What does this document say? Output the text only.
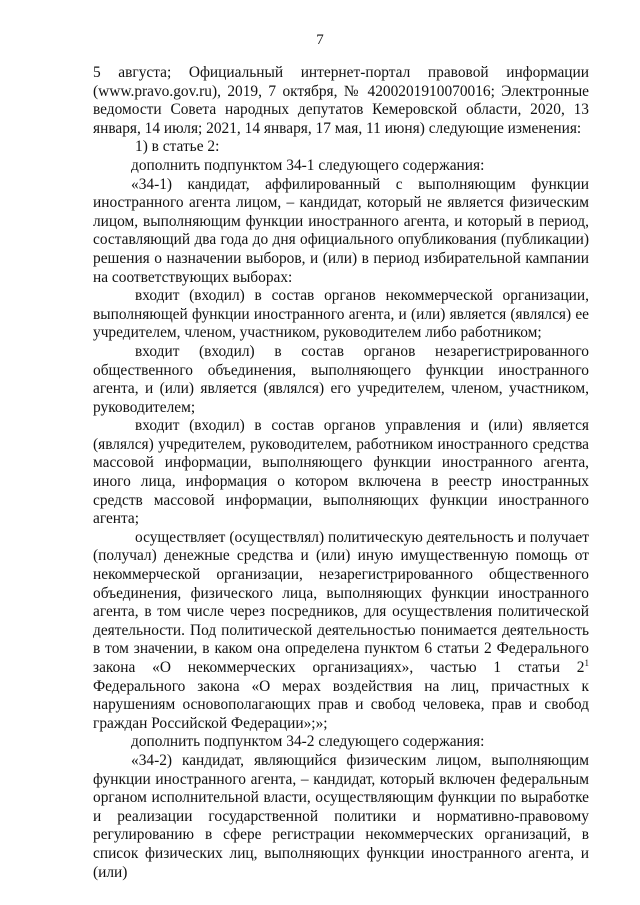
7

5 августа; Официальный интернет-портал правовой информации (www.pravo.gov.ru), 2019, 7 октября, № 4200201910070016; Электронные ведомости Совета народных депутатов Кемеровской области, 2020, 13 января, 14 июля; 2021, 14 января, 17 мая, 11 июня) следующие изменения:

1) в статье 2:

дополнить подпунктом 34-1 следующего содержания:

«34-1) кандидат, аффилированный с выполняющим функции иностранного агента лицом, – кандидат, который не является физическим лицом, выполняющим функции иностранного агента, и который в период, составляющий два года до дня официального опубликования (публикации) решения о назначении выборов, и (или) в период избирательной кампании на соответствующих выборах:

входит (входил) в состав органов некоммерческой организации, выполняющей функции иностранного агента, и (или) является (являлся) ее учредителем, членом, участником, руководителем либо работником;

входит (входил) в состав органов незарегистрированного общественного объединения, выполняющего функции иностранного агента, и (или) является (являлся) его учредителем, членом, участником, руководителем;

входит (входил) в состав органов управления и (или) является (являлся) учредителем, руководителем, работником иностранного средства массовой информации, выполняющего функции иностранного агента, иного лица, информация о котором включена в реестр иностранных средств массовой информации, выполняющих функции иностранного агента;

осуществляет (осуществлял) политическую деятельность и получает (получал) денежные средства и (или) иную имущественную помощь от некоммерческой организации, незарегистрированного общественного объединения, физического лица, выполняющих функции иностранного агента, в том числе через посредников, для осуществления политической деятельности. Под политической деятельностью понимается деятельность в том значении, в каком она определена пунктом 6 статьи 2 Федерального закона «О некоммерческих организациях», частью 1 статьи $2^1$ Федерального закона «О мерах воздействия на лиц, причастных к нарушениям основополагающих прав и свобод человека, прав и свобод граждан Российской Федерации»;»;

дополнить подпунктом 34-2 следующего содержания:

«34-2) кандидат, являющийся физическим лицом, выполняющим функции иностранного агента, – кандидат, который включен федеральным органом исполнительной власти, осуществляющим функции по выработке и реализации государственной политики и нормативно-правовому регулированию в сфере регистрации некоммерческих организаций, в список физических лиц, выполняющих функции иностранного агента, и (или)
